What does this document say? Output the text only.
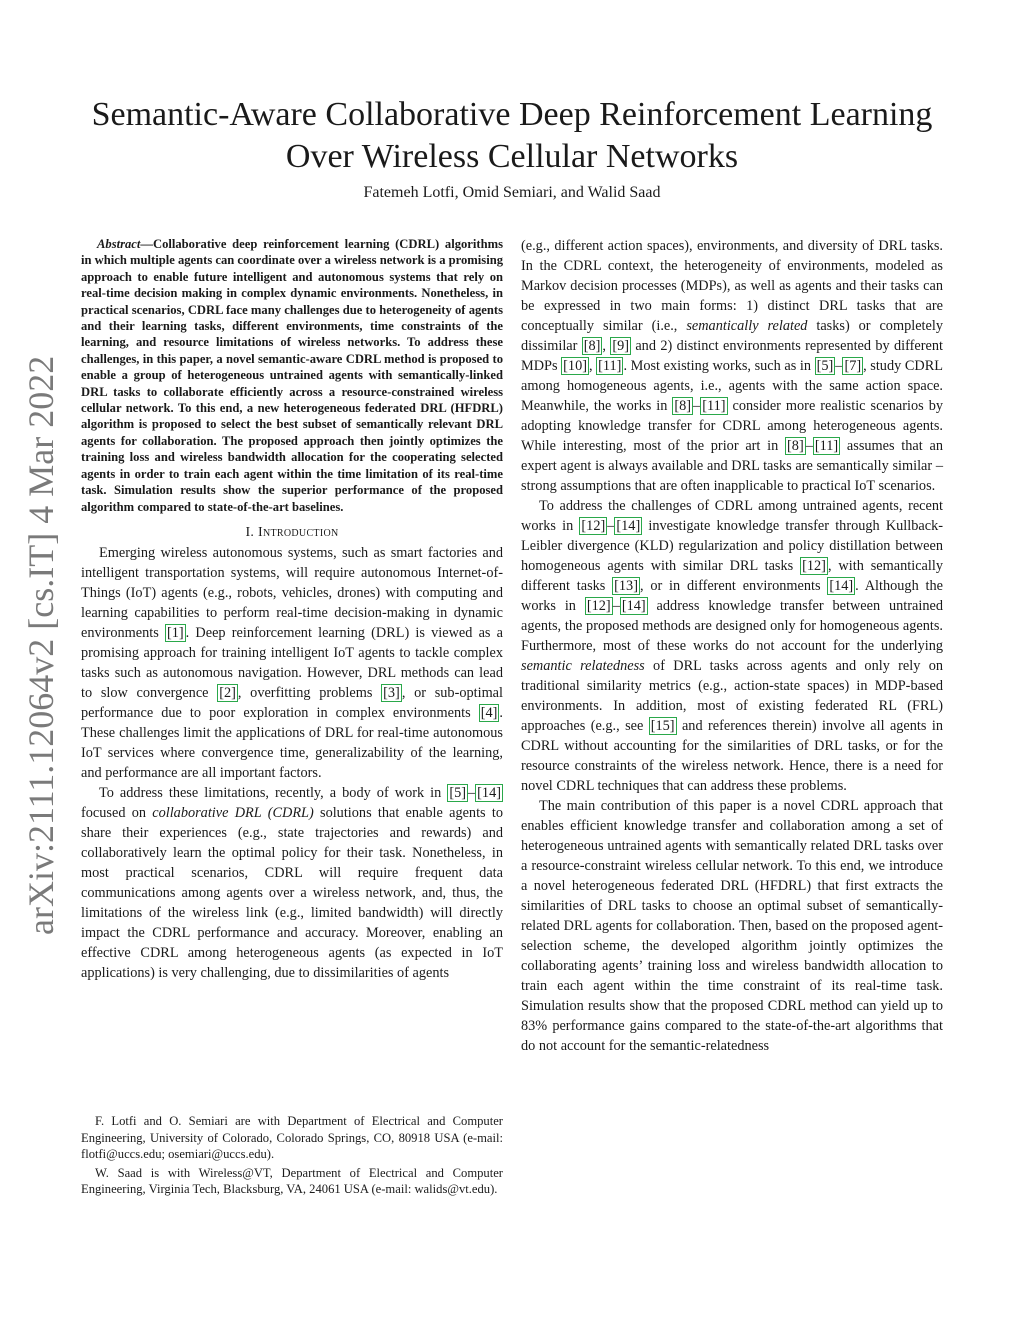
Semantic-Aware Collaborative Deep Reinforcement Learning
Over Wireless Cellular Networks
Fatemeh Lotfi, Omid Semiari, and Walid Saad
arXiv:2111.12064v2 [cs.IT] 4 Mar 2022

Abstract—Collaborative deep reinforcement learning (CDRL) algorithms in which multiple agents can coordinate over a wireless network is a promising approach to enable future intelligent and autonomous systems that rely on real-time decision making in complex dynamic environments. Nonetheless, in practical scenarios, CDRL face many challenges due to heterogeneity of agents and their learning tasks, different environments, time constraints of the learning, and resource limitations of wireless networks. To address these challenges, in this paper, a novel semantic-aware CDRL method is proposed to enable a group of heterogeneous untrained agents with semantically-linked DRL tasks to collaborate efficiently across a resource-constrained wireless cellular network. To this end, a new heterogeneous federated DRL (HFDRL) algorithm is proposed to select the best subset of semantically relevant DRL agents for collaboration. The proposed approach then jointly optimizes the training loss and wireless bandwidth allocation for the cooperating selected agents in order to train each agent within the time limitation of its real-time task. Simulation results show the superior performance of the proposed algorithm compared to state-of-the-art baselines.

I. Introduction

Emerging wireless autonomous systems, such as smart factories and intelligent transportation systems, will require autonomous Internet-of-Things (IoT) agents (e.g., robots, vehicles, drones) with computing and learning capabilities to perform real-time decision-making in dynamic environments [1] . Deep reinforcement learning (DRL) is viewed as a promising approach for training intelligent IoT agents to tackle complex tasks such as autonomous navigation. However, DRL methods can lead to slow convergence [2] , overfitting problems [3] , or sub-optimal performance due to poor exploration in complex environments [4] . These challenges limit the applications of DRL for real-time autonomous IoT services where convergence time, generalizability of the learning, and performance are all important factors.

To address these limitations, recently, a body of work in [5] – [14] focused on collaborative DRL (CDRL) solutions that enable agents to share their experiences (e.g., state trajectories and rewards) and collaboratively learn the optimal policy for their task. Nonetheless, in most practical scenarios, CDRL will require frequent data communications among agents over a wireless network, and, thus, the limitations of the wireless link (e.g., limited bandwidth) will directly impact the CDRL performance and accuracy. Moreover, enabling an effective CDRL among heterogeneous agents (as expected in IoT applications) is very challenging, due to dissimilarities of agents

F. Lotfi and O. Semiari are with Department of Electrical and Computer Engineering, University of Colorado, Colorado Springs, CO, 80918 USA (e-mail: flotfi@uccs.edu; osemiari@uccs.edu).

W. Saad is with Wireless@VT, Department of Electrical and Computer Engineering, Virginia Tech, Blacksburg, VA, 24061 USA (e-mail: walids@vt.edu).

(e.g., different action spaces), environments, and diversity of DRL tasks. In the CDRL context, the heterogeneity of environments, modeled as Markov decision processes (MDPs), as well as agents and their tasks can be expressed in two main forms: 1) distinct DRL tasks that are conceptually similar (i.e., semantically related tasks) or completely dissimilar [8] , [9] and 2) distinct environments represented by different MDPs [10] , [11] . Most existing works, such as in [5] – [7] , study CDRL among homogeneous agents, i.e., agents with the same action space. Meanwhile, the works in [8] – [11] consider more realistic scenarios by adopting knowledge transfer for CDRL among heterogeneous agents. While interesting, most of the prior art in [8] – [11] assumes that an expert agent is always available and DRL tasks are semantically similar – strong assumptions that are often inapplicable to practical IoT scenarios.

To address the challenges of CDRL among untrained agents, recent works in [12] – [14] investigate knowledge transfer through Kullback-Leibler divergence (KLD) regularization and policy distillation between homogeneous agents with similar DRL tasks [12] , with semantically different tasks [13] , or in different environments [14] . Although the works in [12] – [14] address knowledge transfer between untrained agents, the proposed methods are designed only for homogeneous agents. Furthermore, most of these works do not account for the underlying semantic relatedness of DRL tasks across agents and only rely on traditional similarity metrics (e.g., action-state spaces) in MDP-based environments. In addition, most of existing federated RL (FRL) approaches (e.g., see [15] and references therein) involve all agents in CDRL without accounting for the similarities of DRL tasks, or for the resource constraints of the wireless network. Hence, there is a need for novel CDRL techniques that can address these problems.

The main contribution of this paper is a novel CDRL approach that enables efficient knowledge transfer and collaboration among a set of heterogeneous untrained agents with semantically related DRL tasks over a resource-constraint wireless cellular network. To this end, we introduce a novel heterogeneous federated DRL (HFDRL) that first extracts the similarities of DRL tasks to choose an optimal subset of semantically-related DRL agents for collaboration. Then, based on the proposed agent-selection scheme, the developed algorithm jointly optimizes the collaborating agents’ training loss and wireless bandwidth allocation to train each agent within the time constraint of its real-time task. Simulation results show that the proposed CDRL method can yield up to 83% performance gains compared to the state-of-the-art algorithms that do not account for the semantic-relatedness
